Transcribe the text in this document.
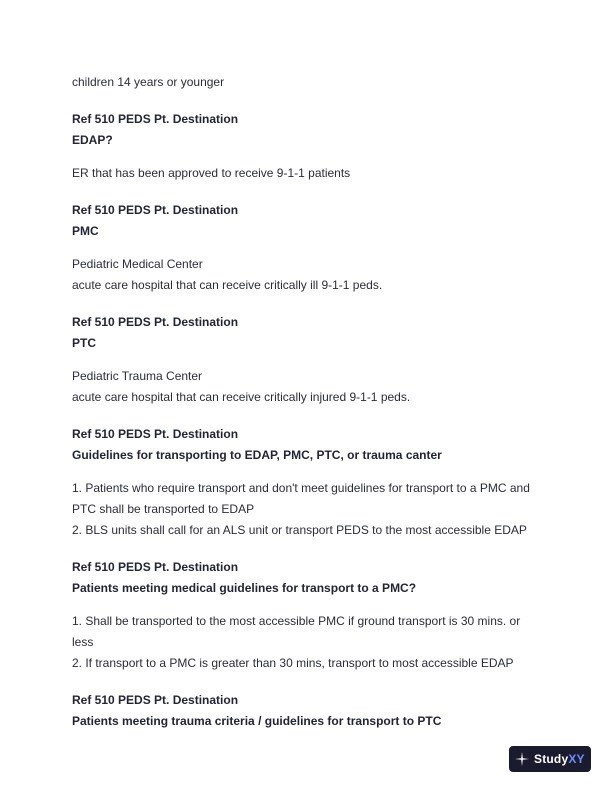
children 14 years or younger
Ref 510 PEDS Pt. Destination
EDAP?
ER that has been approved to receive 9-1-1 patients
Ref 510 PEDS Pt. Destination
PMC
Pediatric Medical Center
acute care hospital that can receive critically ill 9-1-1 peds.
Ref 510 PEDS Pt. Destination
PTC
Pediatric Trauma Center
acute care hospital that can receive critically injured 9-1-1 peds.
Ref 510 PEDS Pt. Destination
Guidelines for transporting to EDAP, PMC, PTC, or trauma canter
1. Patients who require transport and don't meet guidelines for transport to a PMC and
PTC shall be transported to EDAP
2. BLS units shall call for an ALS unit or transport PEDS to the most accessible EDAP
Ref 510 PEDS Pt. Destination
Patients meeting medical guidelines for transport to a PMC?
1. Shall be transported to the most accessible PMC if ground transport is 30 mins. or
less
2. If transport to a PMC is greater than 30 mins, transport to most accessible EDAP
Ref 510 PEDS Pt. Destination
Patients meeting trauma criteria / guidelines for transport to PTC
StudyXY
